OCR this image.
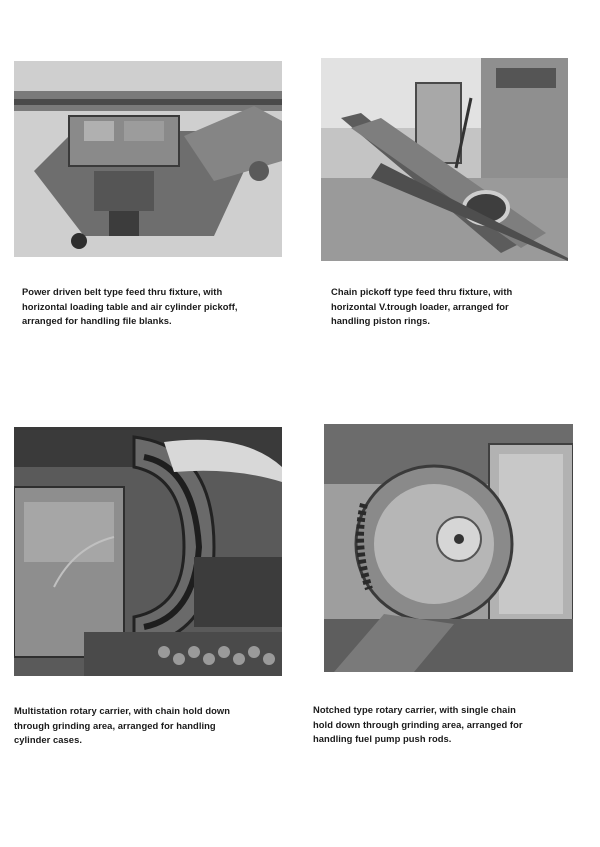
Power driven belt type feed thru fixture, with
horizontal loading table and air cylinder pickoff,
arranged for handling file blanks.
Chain pickoff type feed thru fixture, with
horizontal V.trough loader, arranged for
handling piston rings.
Multistation rotary carrier, with chain hold down
through grinding area, arranged for handling
cylinder cases.
Notched type rotary carrier, with single chain
hold down through grinding area, arranged for
handling fuel pump push rods.
